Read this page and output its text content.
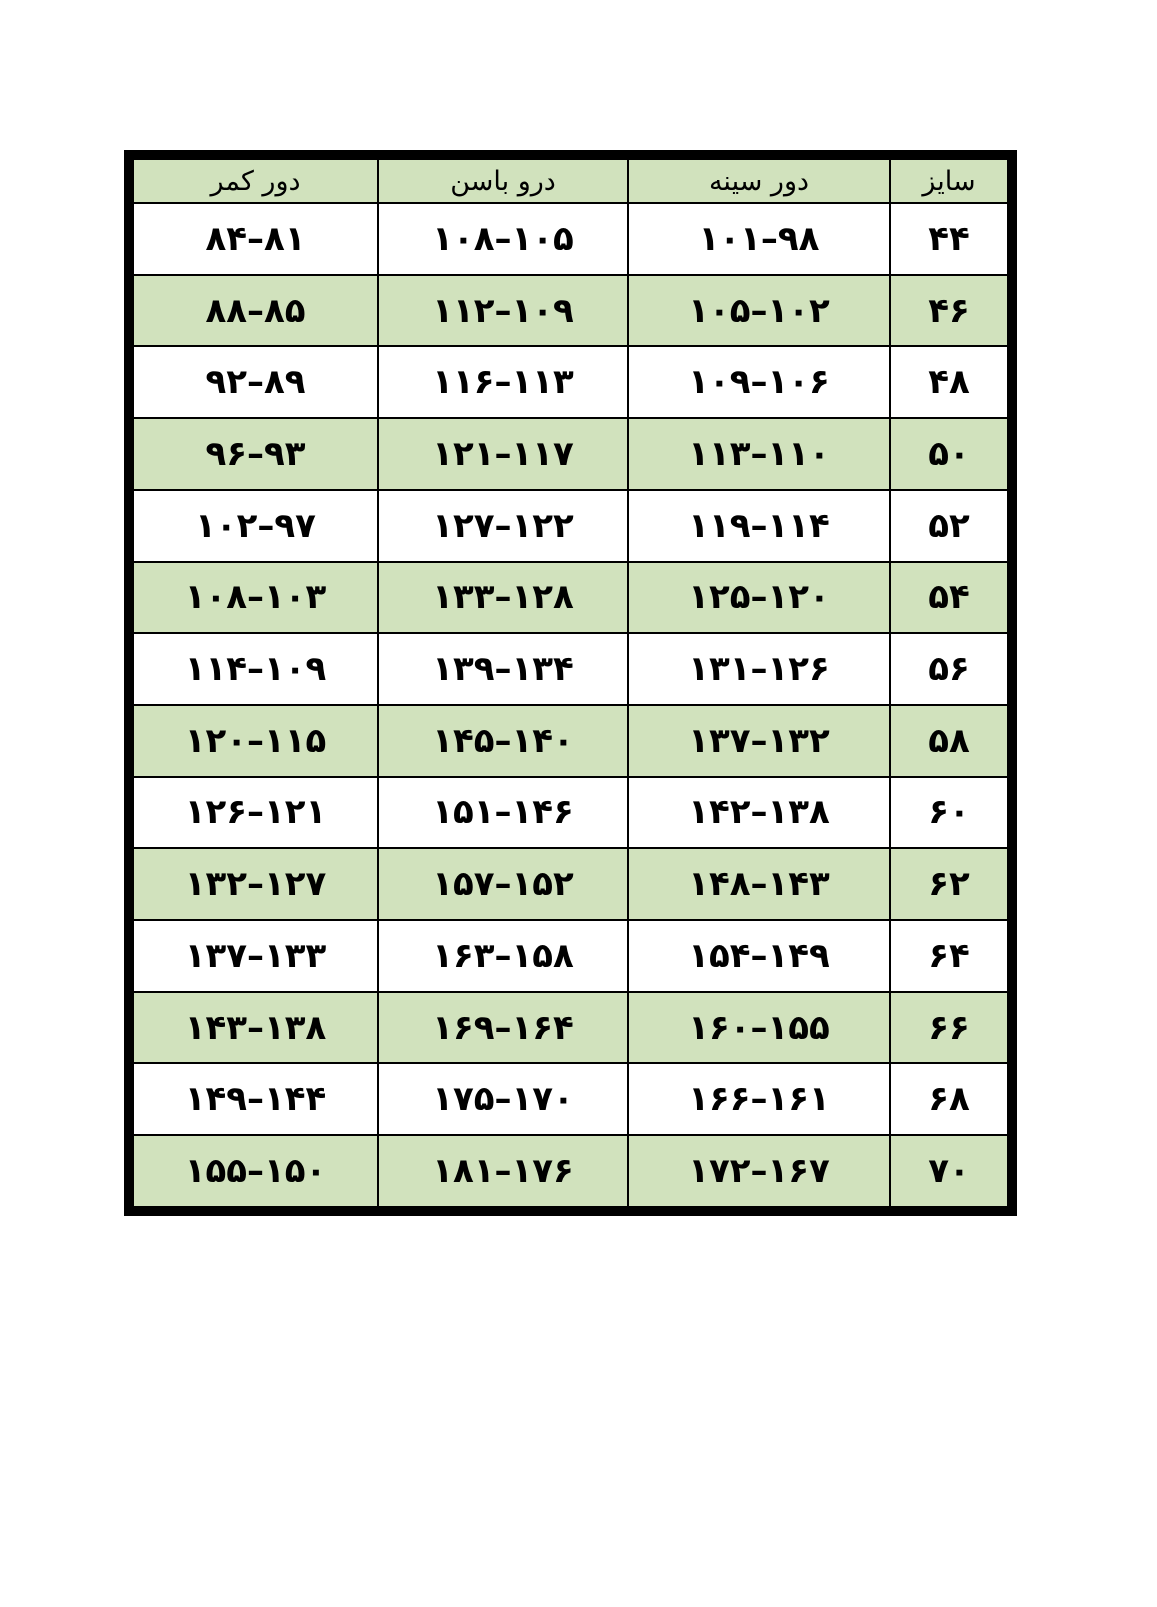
سایز	دور سینه	درو باسن	دور کمر
۴۴	۹۸–۱۰۱	۱۰۵–۱۰۸	۸۱–۸۴
۴۶	۱۰۲–۱۰۵	۱۰۹–۱۱۲	۸۵–۸۸
۴۸	۱۰۶–۱۰۹	۱۱۳–۱۱۶	۸۹–۹۲
۵۰	۱۱۰–۱۱۳	۱۱۷–۱۲۱	۹۳–۹۶
۵۲	۱۱۴–۱۱۹	۱۲۲–۱۲۷	۹۷–۱۰۲
۵۴	۱۲۰–۱۲۵	۱۲۸–۱۳۳	۱۰۳–۱۰۸
۵۶	۱۲۶–۱۳۱	۱۳۴–۱۳۹	۱۰۹–۱۱۴
۵۸	۱۳۲–۱۳۷	۱۴۰–۱۴۵	۱۱۵–۱۲۰
۶۰	۱۳۸–۱۴۲	۱۴۶–۱۵۱	۱۲۱–۱۲۶
۶۲	۱۴۳–۱۴۸	۱۵۲–۱۵۷	۱۲۷–۱۳۲
۶۴	۱۴۹–۱۵۴	۱۵۸–۱۶۳	۱۳۳–۱۳۷
۶۶	۱۵۵–۱۶۰	۱۶۴–۱۶۹	۱۳۸–۱۴۳
۶۸	۱۶۱–۱۶۶	۱۷۰–۱۷۵	۱۴۴–۱۴۹
۷۰	۱۶۷–۱۷۲	۱۷۶–۱۸۱	۱۵۰–۱۵۵
